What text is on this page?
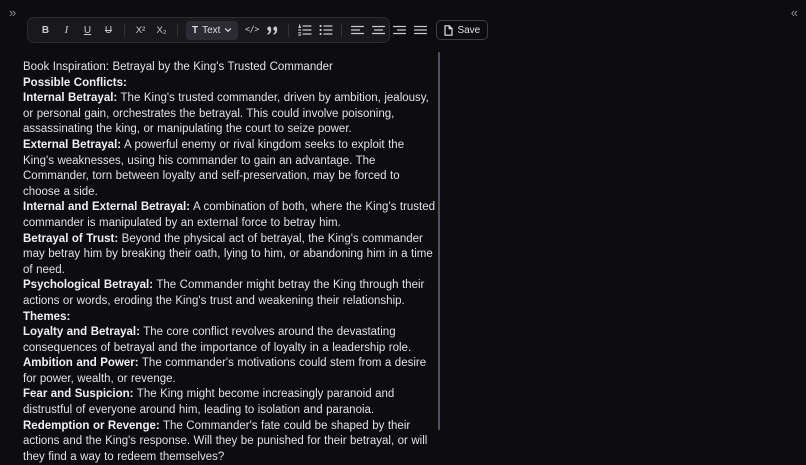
»	«
B I U U X² X₂	T Text	</>	Save

Book Inspiration: Betrayal by the King's Trusted Commander

Possible Conflicts:

Internal Betrayal: The King's trusted commander, driven by ambition, jealousy, or personal gain, orchestrates the betrayal. This could involve poisoning, assassinating the king, or manipulating the court to seize power.

External Betrayal: A powerful enemy or rival kingdom seeks to exploit the King's weaknesses, using his commander to gain an advantage. The Commander, torn between loyalty and self-preservation, may be forced to choose a side.

Internal and External Betrayal: A combination of both, where the King's trusted commander is manipulated by an external force to betray him.

Betrayal of Trust: Beyond the physical act of betrayal, the King's commander may betray him by breaking their oath, lying to him, or abandoning him in a time of need.

Psychological Betrayal: The Commander might betray the King through their actions or words, eroding the King's trust and weakening their relationship.

Themes:

Loyalty and Betrayal: The core conflict revolves around the devastating consequences of betrayal and the importance of loyalty in a leadership role.

Ambition and Power: The commander's motivations could stem from a desire for power, wealth, or revenge.

Fear and Suspicion: The King might become increasingly paranoid and distrustful of everyone around him, leading to isolation and paranoia.

Redemption or Revenge: The Commander's fate could be shaped by their actions and the King's response. Will they be punished for their betrayal, or will they find a way to redeem themselves?
